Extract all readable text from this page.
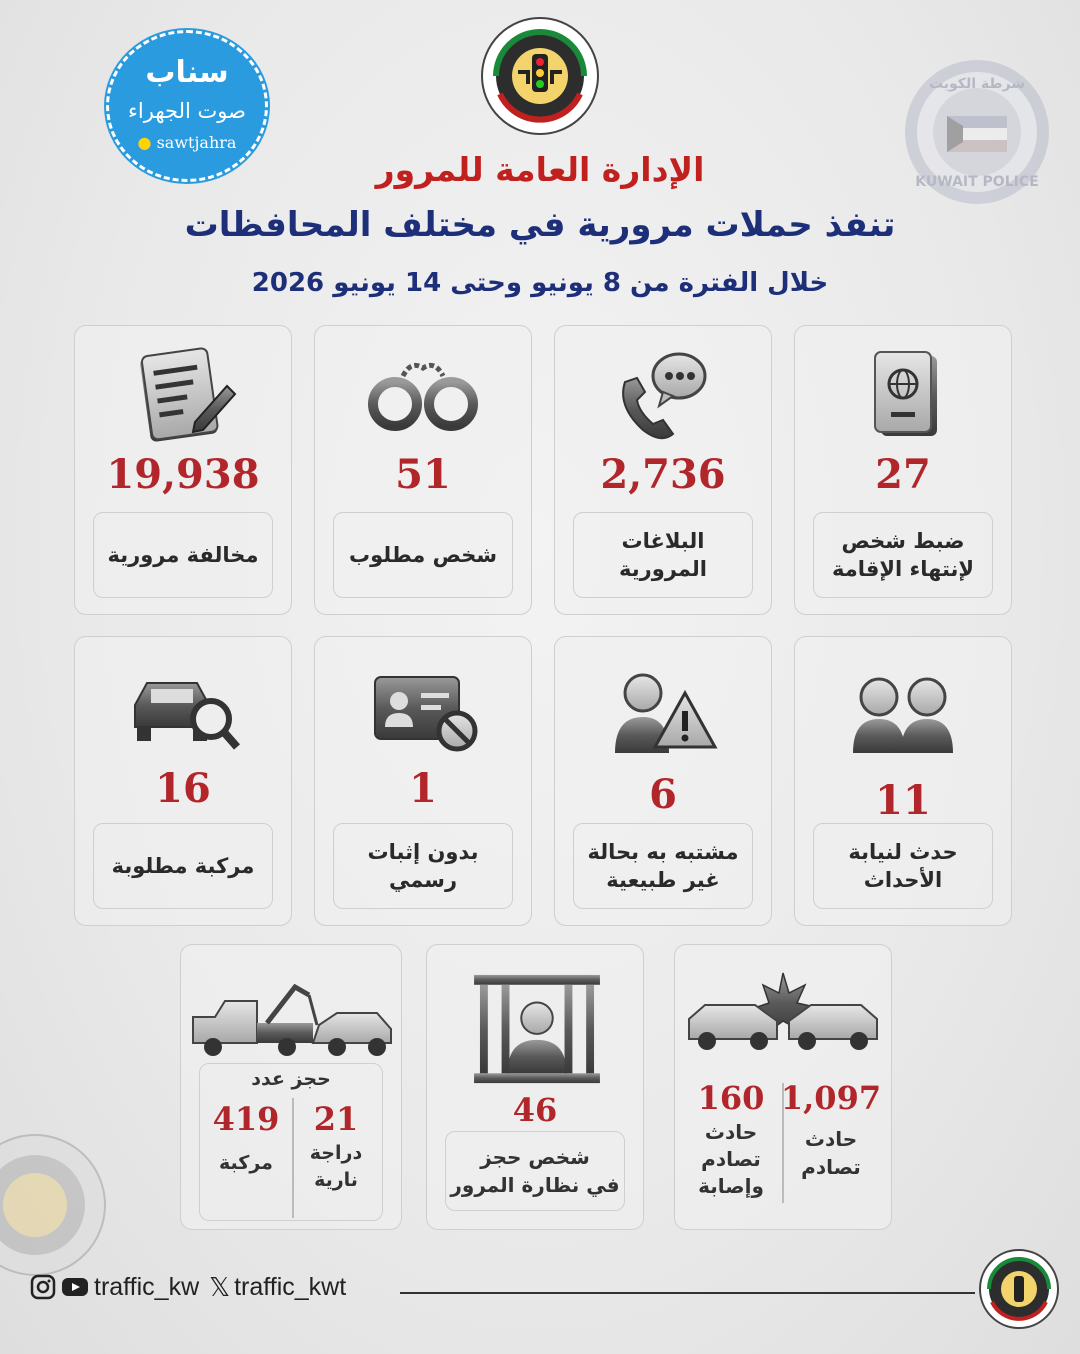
سناب
صوت الجهراء
● sawtjahra
شرطة الكويت
KUWAIT POLICE
الإدارة العامة للمرور
تنفذ حملات مرورية في مختلف المحافظات
خلال الفترة من 8 يونيو وحتى 14 يونيو 2026
27
ضبط شخص
لإنتهاء الإقامة
2,736
البلاغات
المرورية
51
شخص مطلوب
19,938
مخالفة مرورية
11
حدث لنيابة
الأحداث
6
مشتبه به بحالة
غير طبيعية
1
بدون إثبات
رسمي
16
مركبة مطلوبة
1,097
حادث
تصادم
160
حادث
تصادم
وإصابة
46
شخص حجز
في نظارة المرور
حجز عدد
21
دراجة
نارية
419
مركبة
traffic_kw 𝕏 traffic_kwt
